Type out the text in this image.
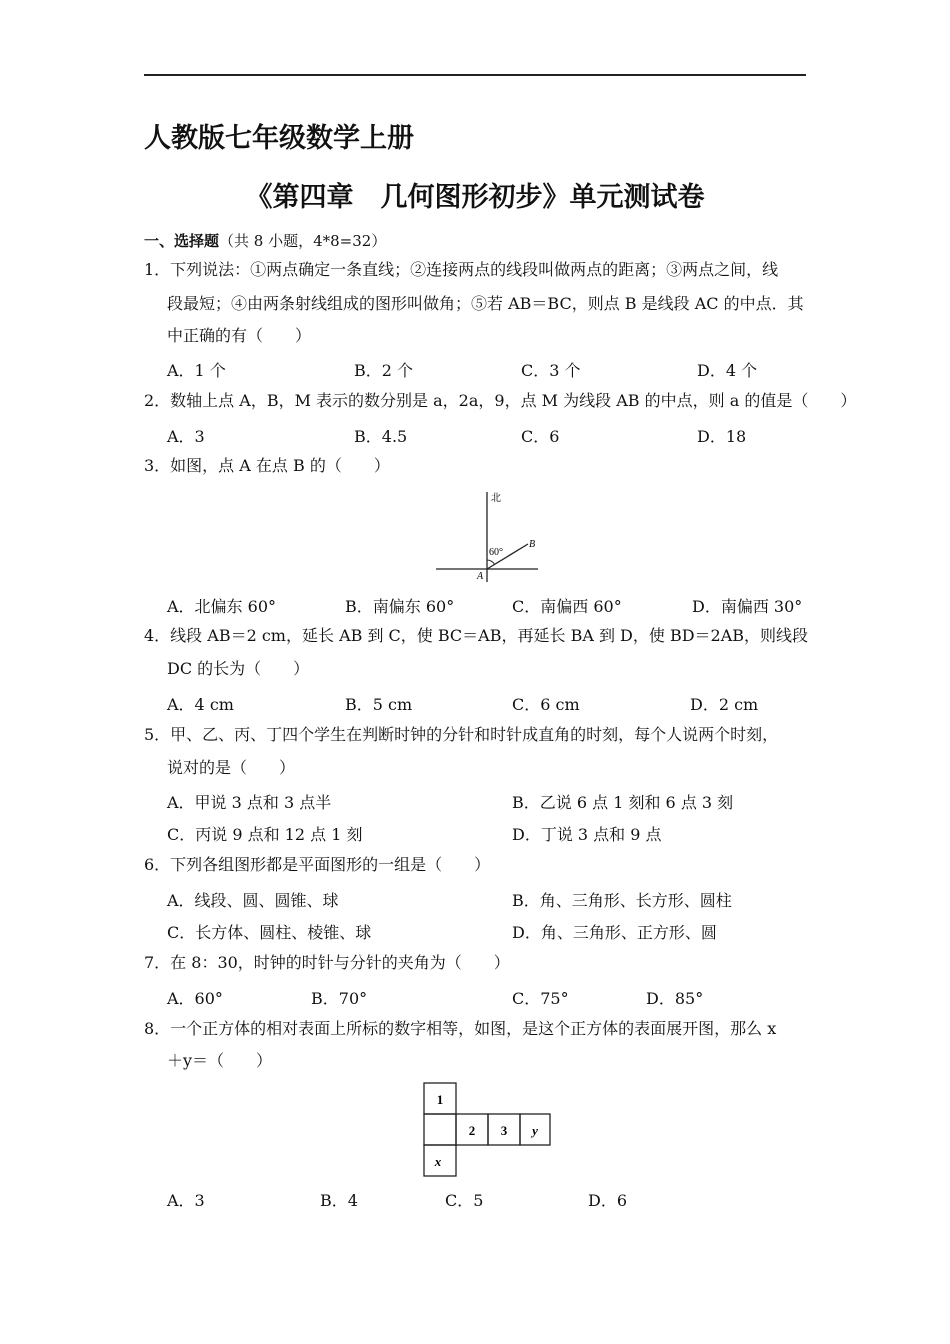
人教版七年级数学上册
《第四章　几何图形初步》单元测试卷
一、选择题（共 8 小题，4*8=32）
1．下列说法：①两点确定一条直线；②连接两点的线段叫做两点的距离；③两点之间，线
段最短；④由两条射线组成的图形叫做角；⑤若 AB＝BC，则点 B 是线段 AC 的中点．其
中正确的有（　　）
A．1 个	B．2 个	C．3 个	D．4 个
2．数轴上点 A，B，M 表示的数分别是 a，2a，9，点 M 为线段 AB 的中点，则 a 的值是（　　）
A．3	B．4.5	C．6	D．18
3．如图，点 A 在点 B 的（　　）
北
60°
A
B
A．北偏东 60°	B．南偏东 60°	C．南偏西 60°	D．南偏西 30°
4．线段 AB＝2 cm，延长 AB 到 C，使 BC＝AB，再延长 BA 到 D，使 BD＝2AB，则线段
DC 的长为（　　）
A．4 cm	B．5 cm	C．6 cm	D．2 cm
5．甲、乙、丙、丁四个学生在判断时钟的分针和时针成直角的时刻，每个人说两个时刻，
说对的是（　　）
A．甲说 3 点和 3 点半	B．乙说 6 点 1 刻和 6 点 3 刻
C．丙说 9 点和 12 点 1 刻	D．丁说 3 点和 9 点
6．下列各组图形都是平面图形的一组是（　　）
A．线段、圆、圆锥、球	B．角、三角形、长方形、圆柱
C．长方体、圆柱、棱锥、球	D．角、三角形、正方形、圆
7．在 8：30，时钟的时针与分针的夹角为（　　）
A．60°	B．70°	C．75°	D．85°
8．一个正方体的相对表面上所标的数字相等，如图，是这个正方体的表面展开图，那么 x
＋y＝（　　）
1
2 3 y
x
A．3	B．4	C．5	D．6
